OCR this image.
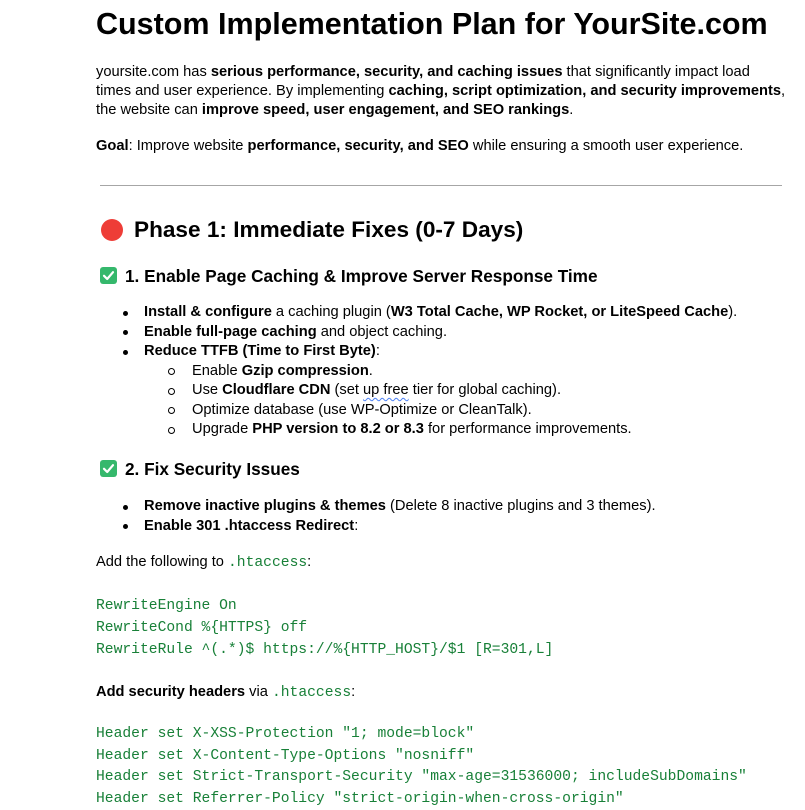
Custom Implementation Plan for YourSite.com
yoursite.com has serious performance, security, and caching issues that significantly impact load
times and user experience. By implementing caching, script optimization, and security improvements,
the website can improve speed, user engagement, and SEO rankings.
Goal: Improve website performance, security, and SEO while ensuring a smooth user experience.
Phase 1: Immediate Fixes (0-7 Days)
1. Enable Page Caching & Improve Server Response Time
Install & configure a caching plugin (W3 Total Cache, WP Rocket, or LiteSpeed Cache).
Enable full-page caching and object caching.
Reduce TTFB (Time to First Byte):
Enable Gzip compression.
Use Cloudflare CDN (set up free tier for global caching).
Optimize database (use WP-Optimize or CleanTalk).
Upgrade PHP version to 8.2 or 8.3 for performance improvements.
2. Fix Security Issues
Remove inactive plugins & themes (Delete 8 inactive plugins and 3 themes).
Enable 301 .htaccess Redirect:
Add the following to .htaccess:
RewriteEngine On
RewriteCond %{HTTPS} off
RewriteRule ^(.*)$ https://%{HTTP_HOST}/$1 [R=301,L]
Add security headers via .htaccess:
Header set X-XSS-Protection "1; mode=block"
Header set X-Content-Type-Options "nosniff"
Header set Strict-Transport-Security "max-age=31536000; includeSubDomains"
Header set Referrer-Policy "strict-origin-when-cross-origin"
